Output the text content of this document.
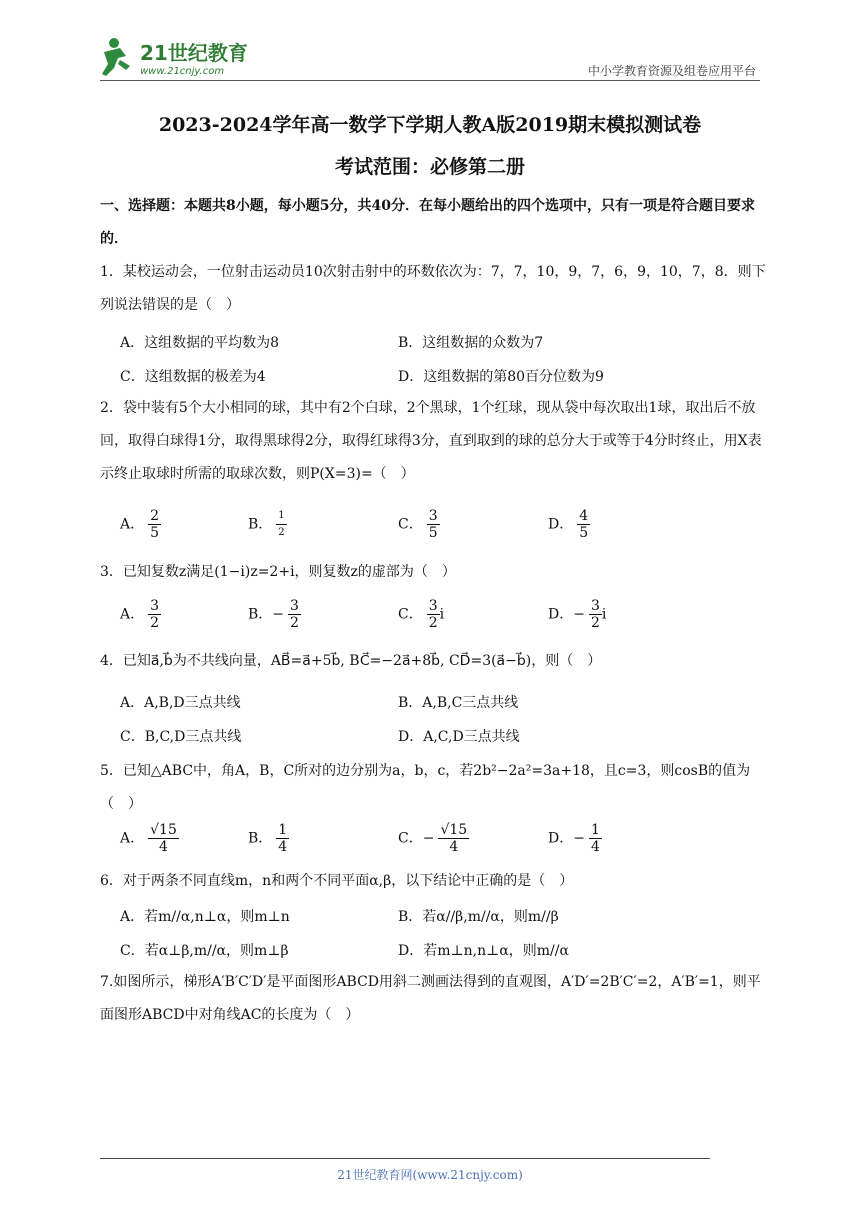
21世纪教育
www.21cnjy.com	中小学教育资源及组卷应用平台
2023-2024学年高一数学下学期人教A版2019期末模拟测试卷
考试范围：必修第二册
一、选择题：本题共8小题，每小题5分，共40分．在每小题给出的四个选项中，只有一项是符合题目要求的．
1．某校运动会，一位射击运动员10次射击射中的环数依次为：7，7，10，9，7，6，9，10，7，8．则下列说法错误的是（　）
A．这组数据的平均数为8	B．这组数据的众数为7
C．这组数据的极差为4	D．这组数据的第80百分位数为9
2．袋中装有5个大小相同的球，其中有2个白球，2个黑球，1个红球，现从袋中每次取出1球，取出后不放回，取得白球得1分，取得黑球得2分，取得红球得3分，直到取到的球的总分大于或等于4分时终止，用X表示终止取球时所需的取球次数，则P(X=3)=（　）
A． $\frac{2}{5}$	B． $\frac{1}{2}$	C． $\frac{3}{5}$	D． $\frac{4}{5}$
3．已知复数z满足(1−i)z=2+i，则复数z的虚部为（　）
A． $\frac{3}{2}$	B．− $\frac{3}{2}$	C． $\frac{3}{2}$ i	D．− $\frac{3}{2}$ i
4．已知a⃗,b⃗为不共线向量，AB⃗=a⃗+5b⃗, BC⃗=−2a⃗+8b⃗, CD⃗=3(a⃗−b⃗)，则（　）
A．A,B,D三点共线	B．A,B,C三点共线
C．B,C,D三点共线	D．A,C,D三点共线
5．已知△ABC中，角A，B，C所对的边分别为a，b，c，若2b²−2a²=3a+18，且c=3，则cosB的值为（　）
A． $\frac{√15}{4}$	B． $\frac{1}{4}$	C．− $\frac{√15}{4}$	D．− $\frac{1}{4}$
6．对于两条不同直线m，n和两个不同平面α,β，以下结论中正确的是（　）
A．若m//α,n⊥α，则m⊥n	B．若α//β,m//α，则m//β
C．若α⊥β,m//α，则m⊥β	D．若m⊥n,n⊥α，则m//α
7.如图所示，梯形A′B′C′D′是平面图形ABCD用斜二测画法得到的直观图，A′D′=2B′C′=2，A′B′=1，则平面图形ABCD中对角线AC的长度为（　）
21世纪教育网(www.21cnjy.com)
